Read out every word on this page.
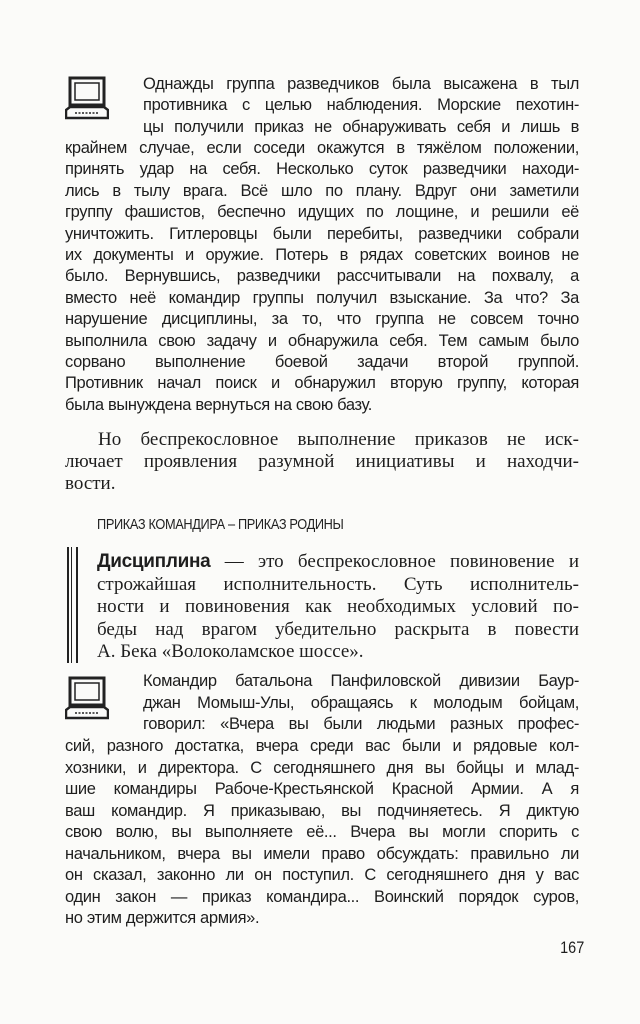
Однажды группа разведчиков была высажена в тыл
противника с целью наблюдения. Морские пехотин-
цы получили приказ не обнаруживать себя и лишь в
крайнем случае, если соседи окажутся в тяжёлом положении,
принять удар на себя. Несколько суток разведчики находи-
лись в тылу врага. Всё шло по плану. Вдруг они заметили
группу фашистов, беспечно идущих по лощине, и решили её
уничтожить. Гитлеровцы были перебиты, разведчики собрали
их документы и оружие. Потерь в рядах советских воинов не
было. Вернувшись, разведчики рассчитывали на похвалу, а
вместо неё командир группы получил взыскание. За что? За
нарушение дисциплины, за то, что группа не совсем точно
выполнила свою задачу и обнаружила себя. Тем самым было
сорвано выполнение боевой задачи второй группой.
Противник начал поиск и обнаружил вторую группу, которая
была вынуждена вернуться на свою базу.
Но беспрекословное выполнение приказов не иск-
лючает проявления разумной инициативы и находчи-
вости.
ПРИКАЗ КОМАНДИРА – ПРИКАЗ РОДИНЫ
Дисциплина — это беспрекословное повиновение и
строжайшая исполнительность. Суть исполнитель-
ности и повиновения как необходимых условий по-
беды над врагом убедительно раскрыта в повести
А. Бека «Волоколамское шоссе».
Командир батальона Панфиловской дивизии Баур-
джан Момыш-Улы, обращаясь к молодым бойцам,
говорил: «Вчера вы были людьми разных профес-
сий, разного достатка, вчера среди вас были и рядовые кол-
хозники, и директора. С сегодняшнего дня вы бойцы и млад-
шие командиры Рабоче-Крестьянской Красной Армии. А я
ваш командир. Я приказываю, вы подчиняетесь. Я диктую
свою волю, вы выполняете её... Вчера вы могли спорить с
начальником, вчера вы имели право обсуждать: правильно ли
он сказал, законно ли он поступил. С сегодняшнего дня у вас
один закон — приказ командира... Воинский порядок суров,
но этим держится армия».
167
